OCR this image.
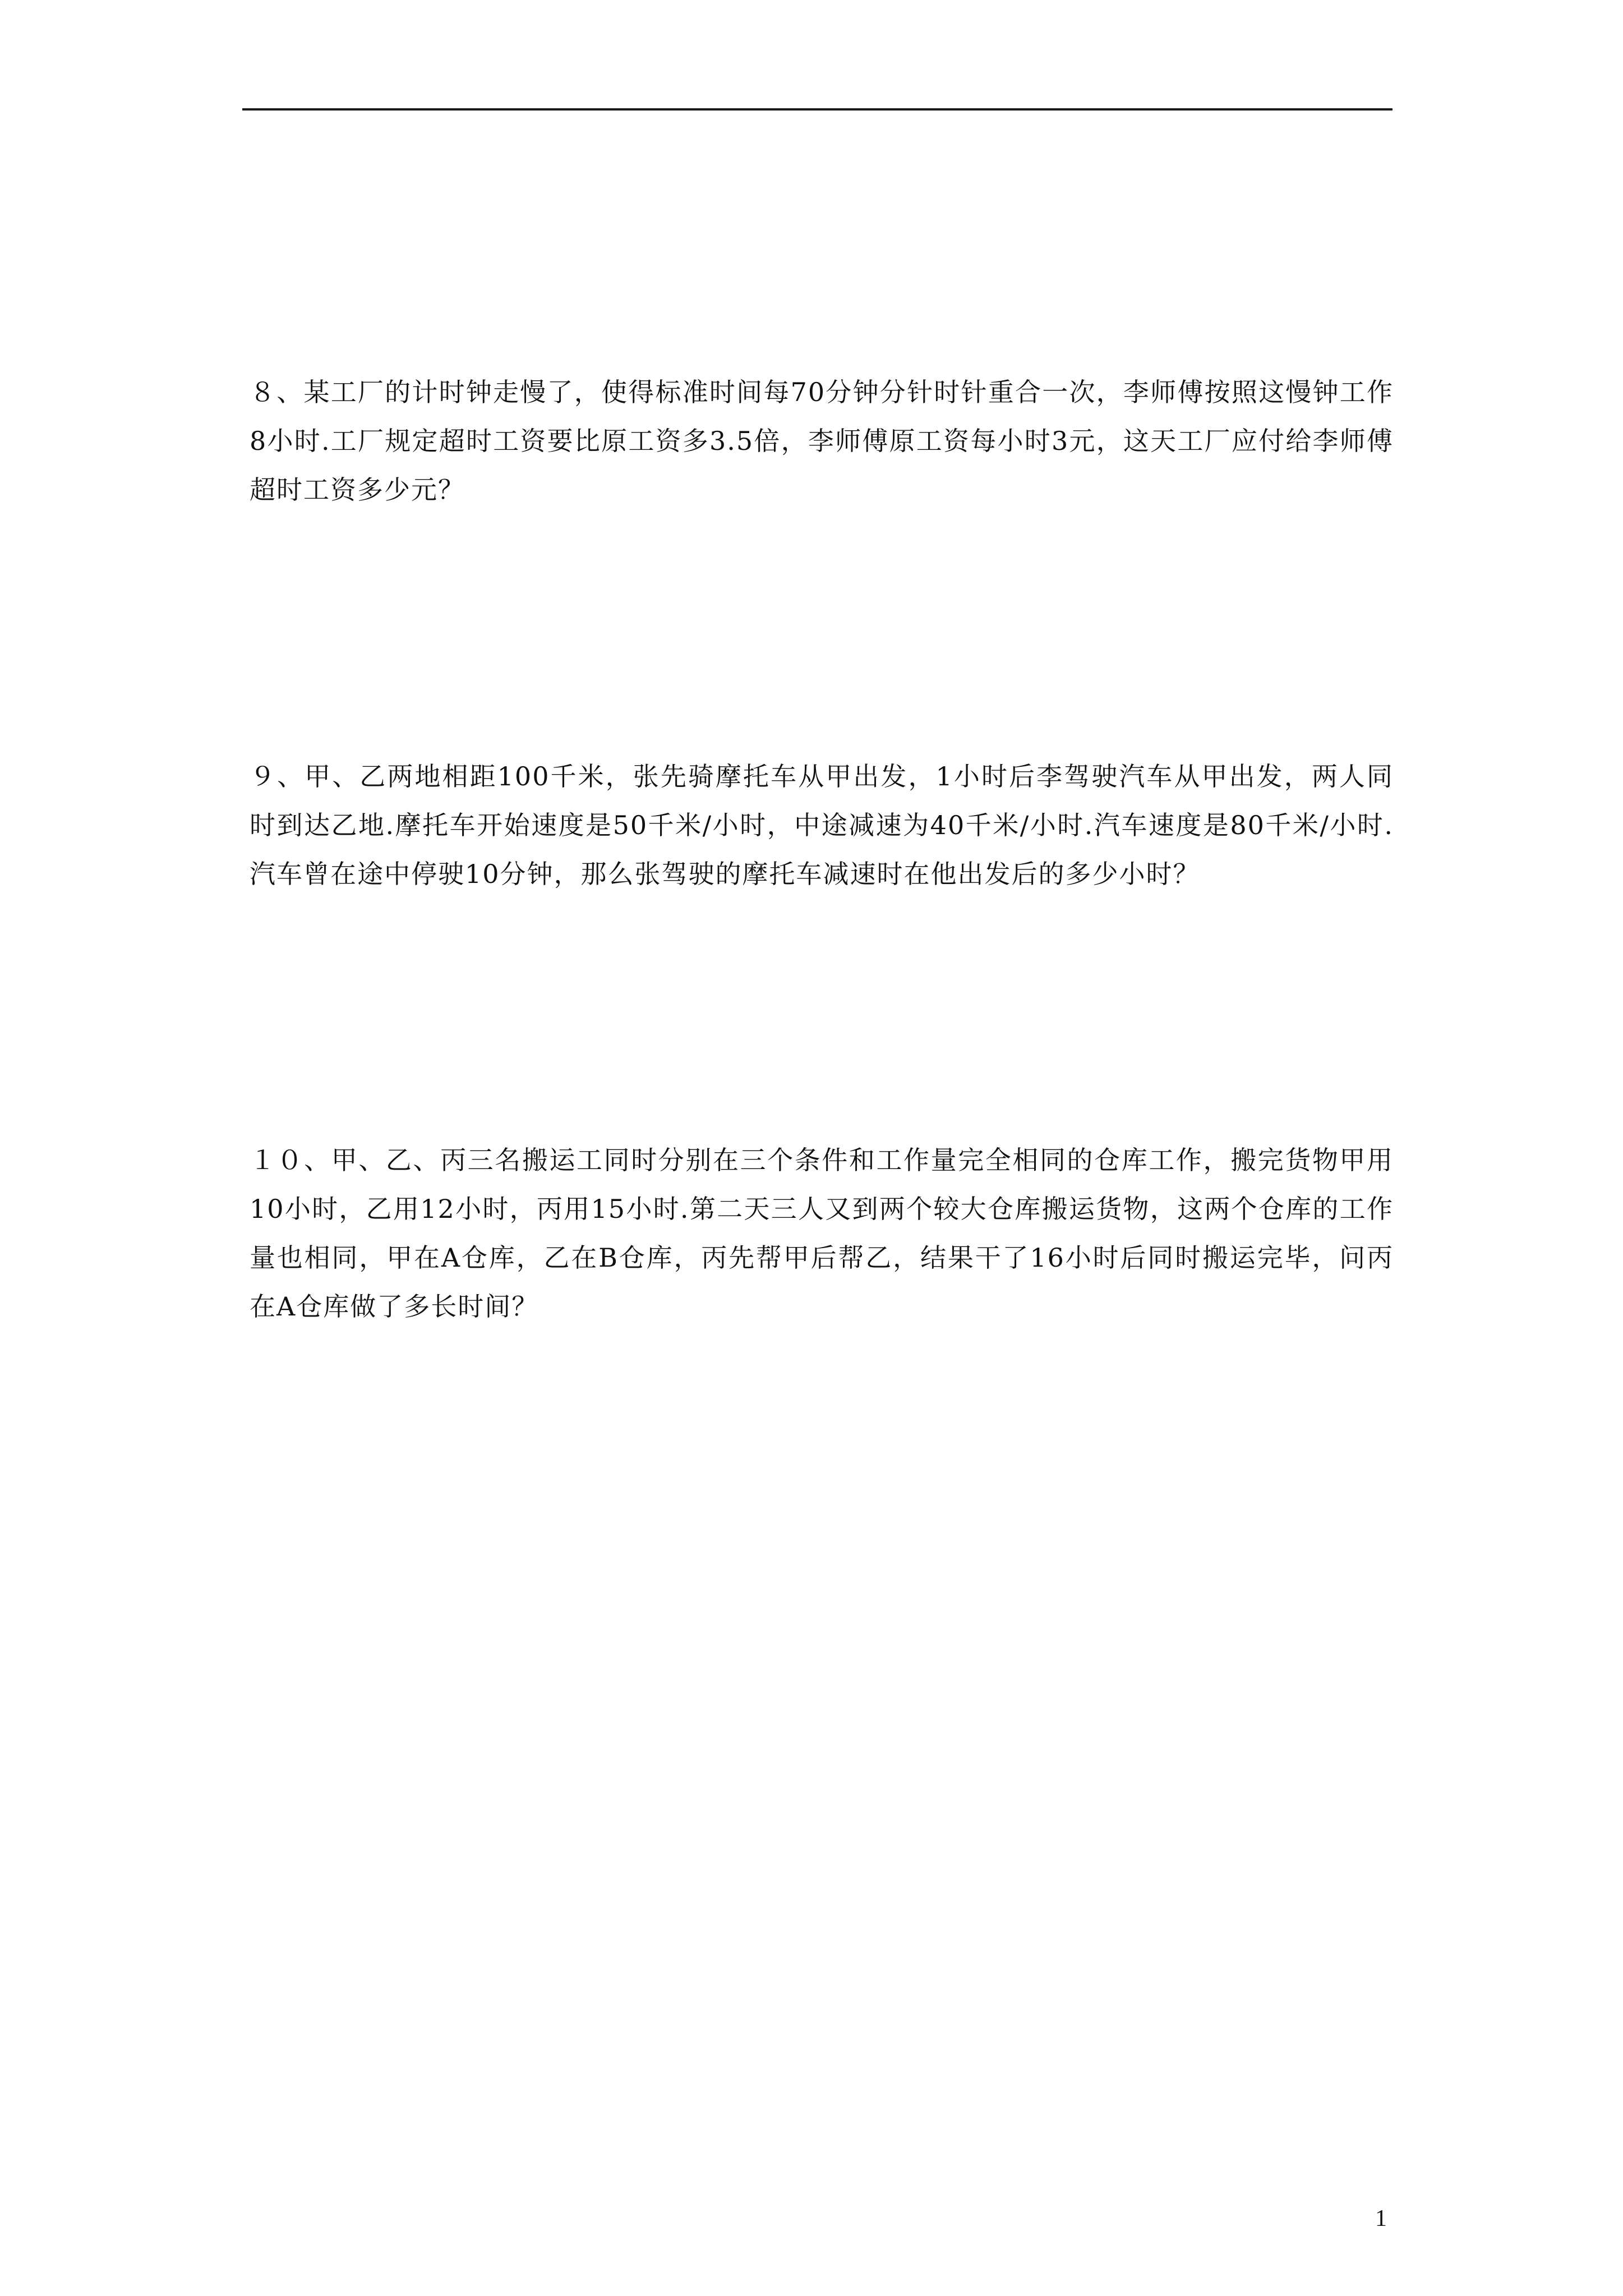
８、某工厂的计时钟走慢了，使得标准时间每70分钟分针时针重合一次，李师傅按照这慢钟工作8小时.工厂规定超时工资要比原工资多3.5倍，李师傅原工资每小时3元，这天工厂应付给李师傅超时工资多少元？

９、甲、乙两地相距100千米，张先骑摩托车从甲出发，1小时后李驾驶汽车从甲出发，两人同时到达乙地.摩托车开始速度是50千米/小时，中途减速为40千米/小时.汽车速度是80千米/小时.汽车曾在途中停驶10分钟，那么张驾驶的摩托车减速时在他出发后的多少小时？

１０、甲、乙、丙三名搬运工同时分别在三个条件和工作量完全相同的仓库工作，搬完货物甲用10小时，乙用12小时，丙用15小时.第二天三人又到两个较大仓库搬运货物，这两个仓库的工作量也相同，甲在A仓库，乙在B仓库，丙先帮甲后帮乙，结果干了16小时后同时搬运完毕，问丙在A仓库做了多长时间？

1
